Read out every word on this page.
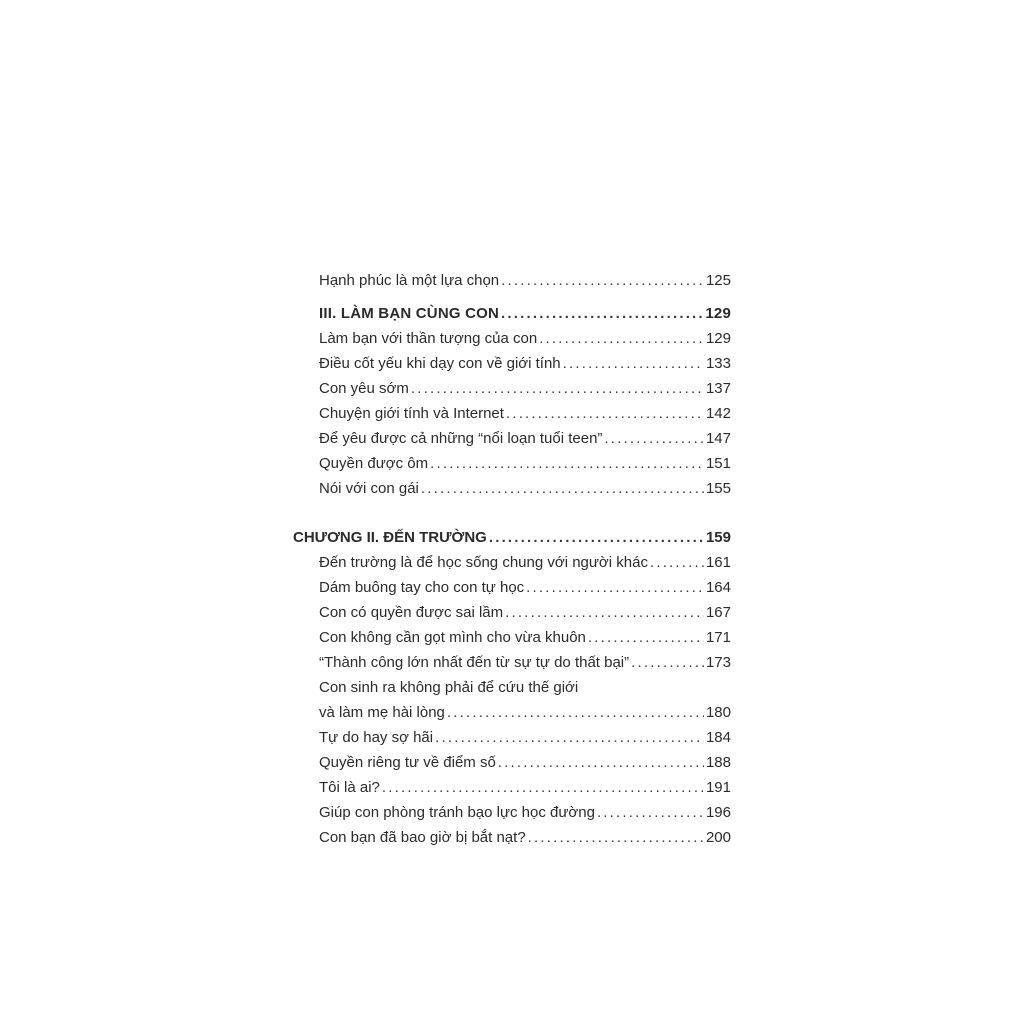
Hạnh phúc là một lựa chọn .....	125
III. LÀM BẠN CÙNG CON .....	129
Làm bạn với thần tượng của con .....	129
Điều cốt yếu khi dạy con về giới tính .....	133
Con yêu sớm .....	137
Chuyện giới tính và Internet .....	142
Để yêu được cả những “nổi loạn tuổi teen” .....	147
Quyền được ôm .....	151
Nói với con gái .....	155
CHƯƠNG II. ĐẾN TRƯỜNG .....	159
Đến trường là để học sống chung với người khác .....	161
Dám buông tay cho con tự học .....	164
Con có quyền được sai lầm .....	167
Con không cần gọt mình cho vừa khuôn .....	171
“Thành công lớn nhất đến từ sự tự do thất bại” .....	173
Con sinh ra không phải để cứu thế giới
và làm mẹ hài lòng .....	180
Tự do hay sợ hãi .....	184
Quyền riêng tư về điểm số .....	188
Tôi là ai? .....	191
Giúp con phòng tránh bạo lực học đường .....	196
Con bạn đã bao giờ bị bắt nạt? .....	200
